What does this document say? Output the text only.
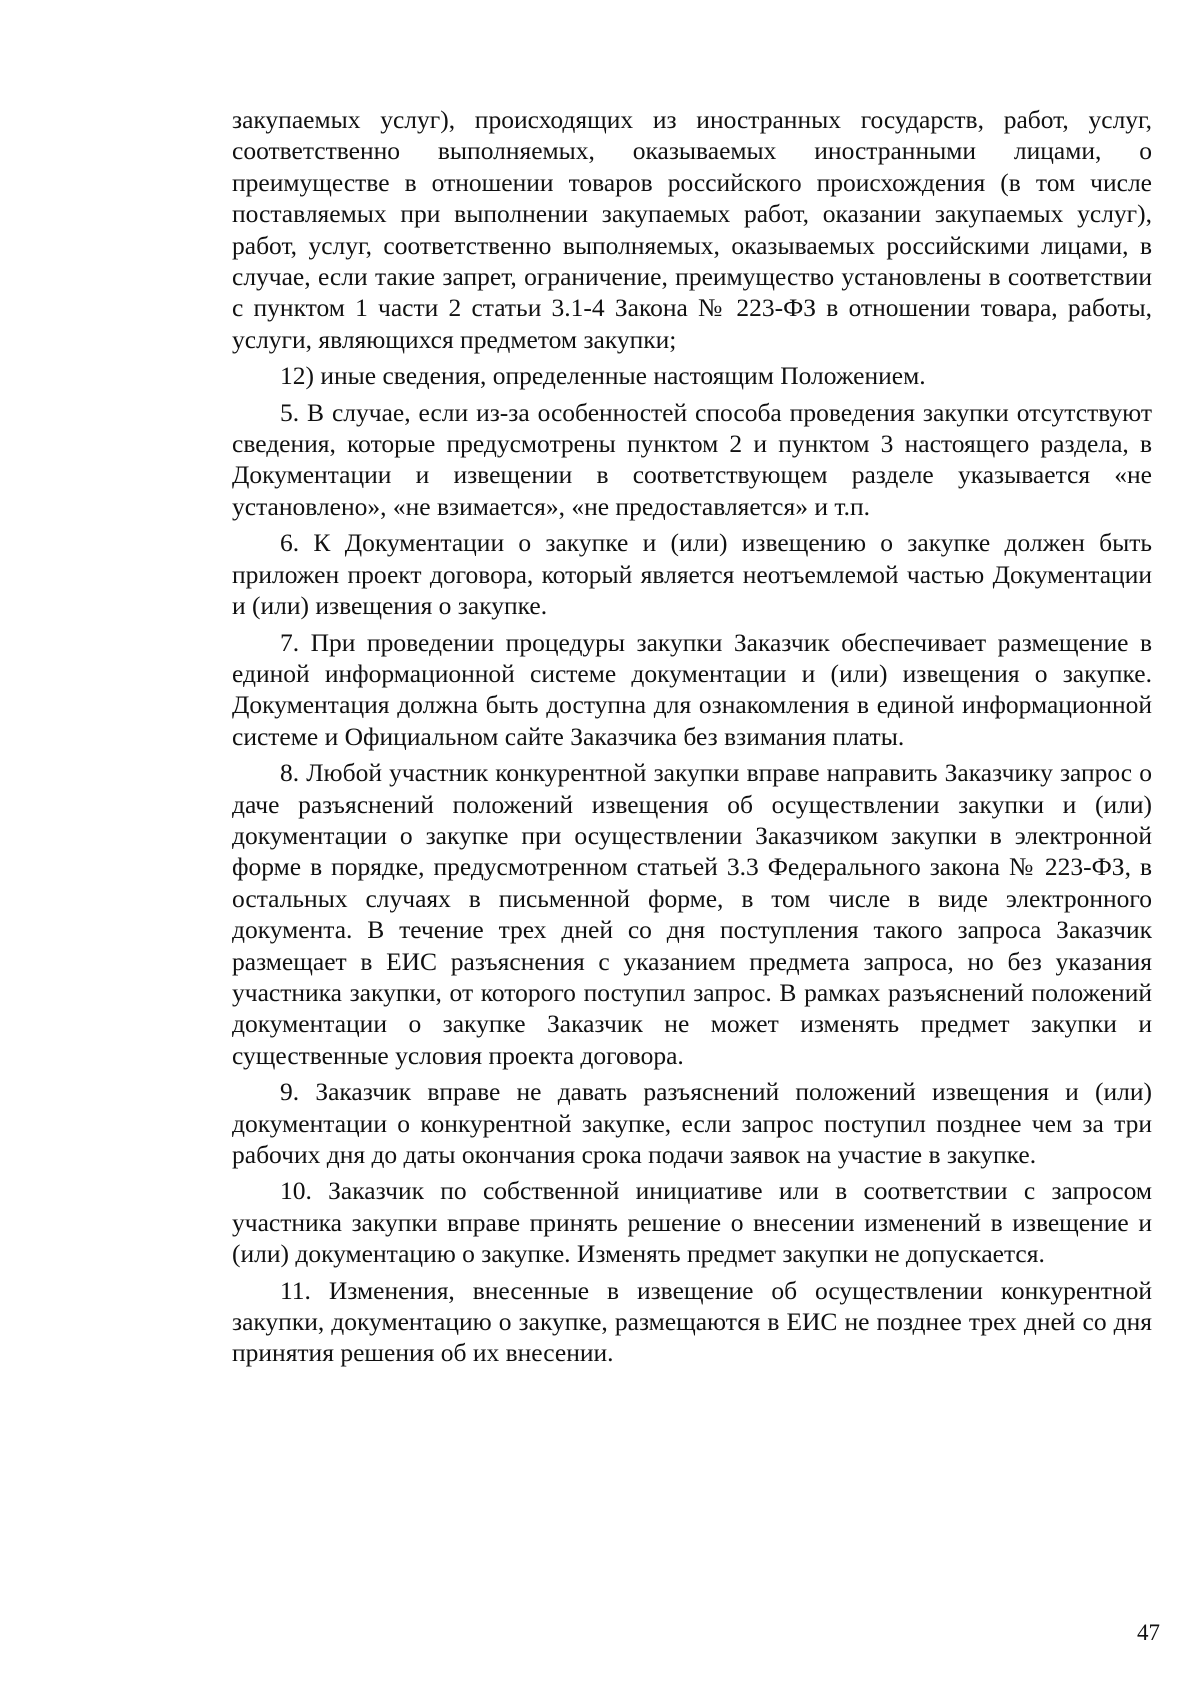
закупаемых услуг), происходящих из иностранных государств, работ, услуг, соответственно выполняемых, оказываемых иностранными лицами, о преимуществе в отношении товаров российского происхождения (в том числе поставляемых при выполнении закупаемых работ, оказании закупаемых услуг), работ, услуг, соответственно выполняемых, оказываемых российскими лицами, в случае, если такие запрет, ограничение, преимущество установлены в соответствии с пунктом 1 части 2 статьи 3.1-4 Закона № 223-ФЗ в отношении товара, работы, услуги, являющихся предметом закупки;

12) иные сведения, определенные настоящим Положением.

5. В случае, если из-за особенностей способа проведения закупки отсутствуют сведения, которые предусмотрены пунктом 2 и пунктом 3 настоящего раздела, в Документации и извещении в соответствующем разделе указывается «не установлено», «не взимается», «не предоставляется» и т.п.

6. К Документации о закупке и (или) извещению о закупке должен быть приложен проект договора, который является неотъемлемой частью Документации и (или) извещения о закупке.

7. При проведении процедуры закупки Заказчик обеспечивает размещение в единой информационной системе документации и (или) извещения о закупке. Документация должна быть доступна для ознакомления в единой информационной системе и Официальном сайте Заказчика без взимания платы.

8. Любой участник конкурентной закупки вправе направить Заказчику запрос о даче разъяснений положений извещения об осуществлении закупки и (или) документации о закупке при осуществлении Заказчиком закупки в электронной форме в порядке, предусмотренном статьей 3.3 Федерального закона № 223-ФЗ, в остальных случаях в письменной форме, в том числе в виде электронного документа. В течение трех дней со дня поступления такого запроса Заказчик размещает в ЕИС разъяснения с указанием предмета запроса, но без указания участника закупки, от которого поступил запрос. В рамках разъяснений положений документации о закупке Заказчик не может изменять предмет закупки и существенные условия проекта договора.

9. Заказчик вправе не давать разъяснений положений извещения и (или) документации о конкурентной закупке, если запрос поступил позднее чем за три рабочих дня до даты окончания срока подачи заявок на участие в закупке.

10. Заказчик по собственной инициативе или в соответствии с запросом участника закупки вправе принять решение о внесении изменений в извещение и (или) документацию о закупке. Изменять предмет закупки не допускается.

11. Изменения, внесенные в извещение об осуществлении конкурентной закупки, документацию о закупке, размещаются в ЕИС не позднее трех дней со дня принятия решения об их внесении.

47
